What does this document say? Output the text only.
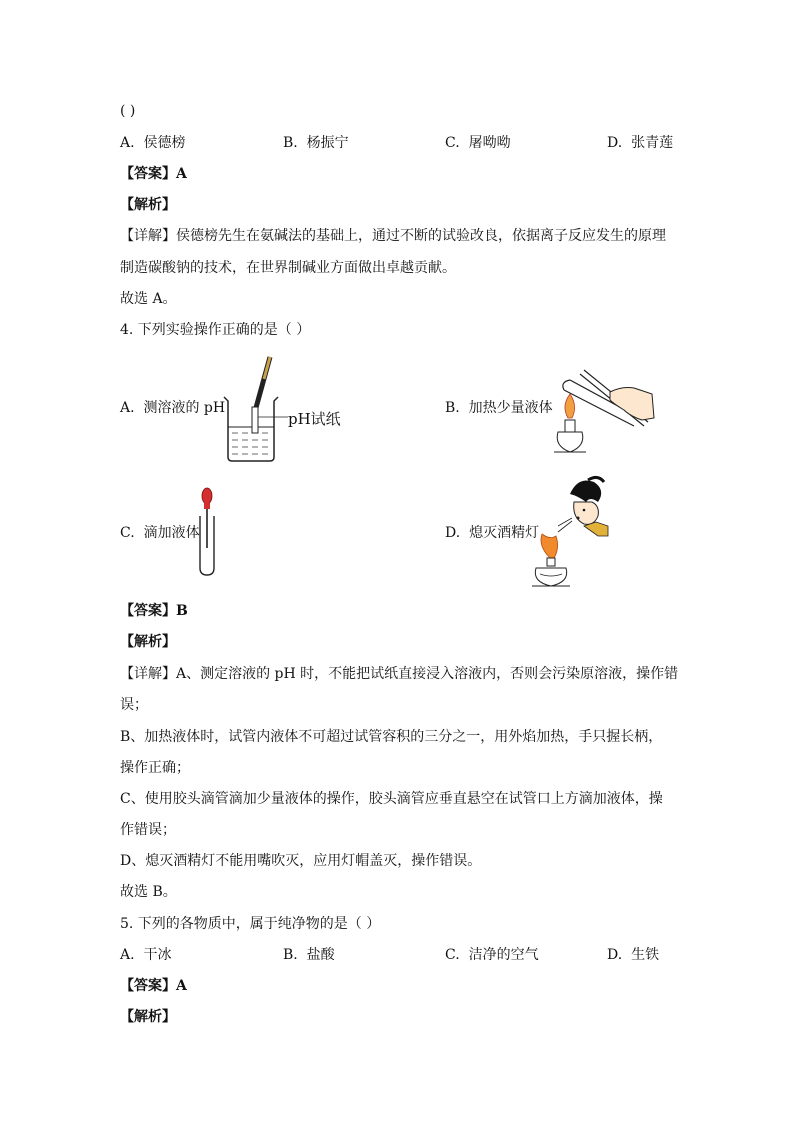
( )
A. 侯德榜	B. 杨振宁	C. 屠呦呦	D. 张青莲
【答案】A
【解析】
【详解】侯德榜先生在氨碱法的基础上，通过不断的试验改良，依据离子反应发生的原理
制造碳酸钠的技术，在世界制碱业方面做出卓越贡献。
故选 A。
4. 下列实验操作正确的是（ ）
A. 测溶液的 pH	B. 加热少量液体
pH试纸
C. 滴加液体	D. 熄灭酒精灯
【答案】B
【解析】
【详解】A、测定溶液的 pH 时，不能把试纸直接浸入溶液内，否则会污染原溶液，操作错
误；
B、加热液体时，试管内液体不可超过试管容积的三分之一，用外焰加热，手只握长柄，
操作正确；
C、使用胶头滴管滴加少量液体的操作，胶头滴管应垂直悬空在试管口上方滴加液体，操
作错误；
D、熄灭酒精灯不能用嘴吹灭，应用灯帽盖灭，操作错误。
故选 B。
5. 下列的各物质中，属于纯净物的是（ ）
A. 干冰	B. 盐酸	C. 洁净的空气	D. 生铁
【答案】A
【解析】
